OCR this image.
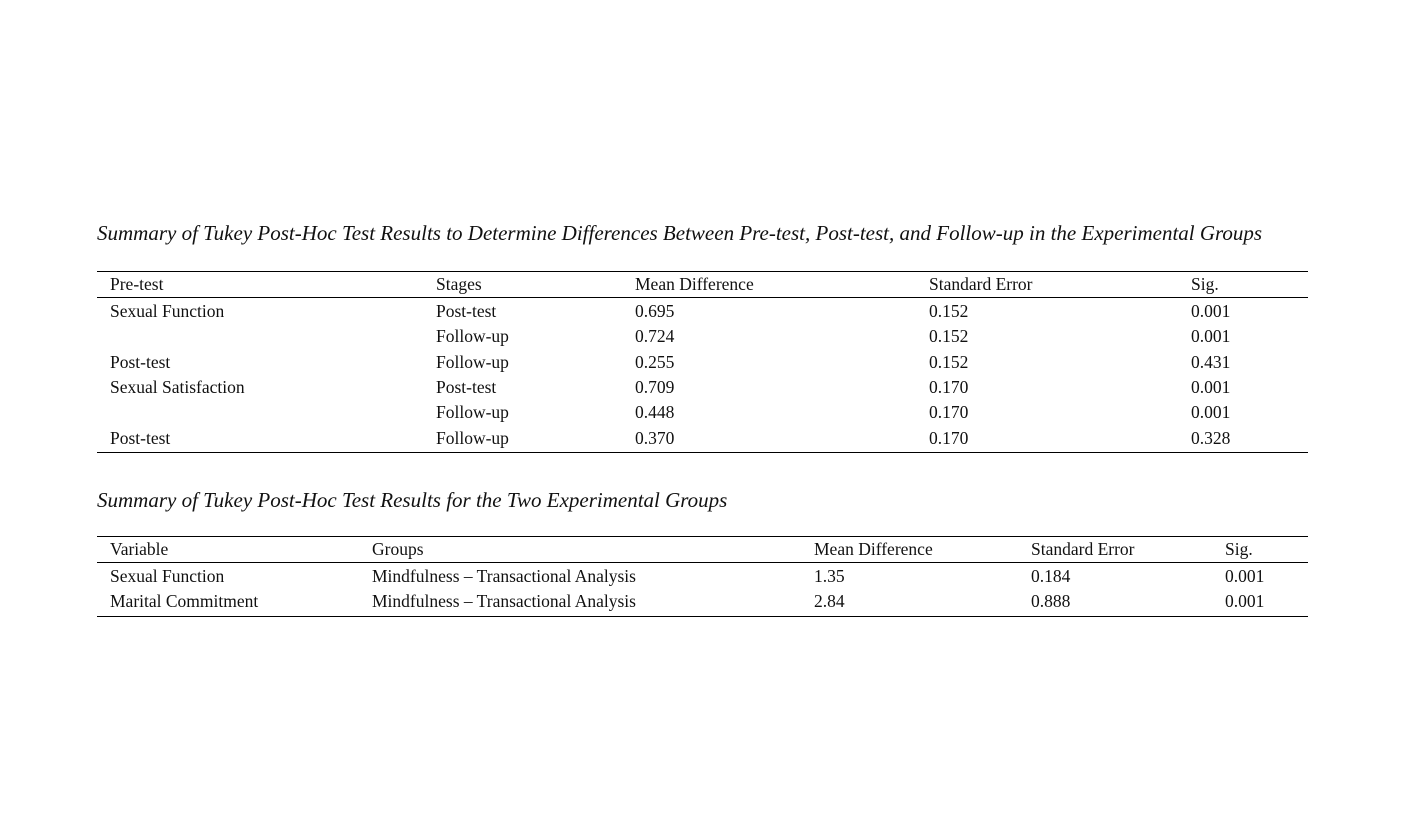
Summary of Tukey Post-Hoc Test Results to Determine Differences Between Pre-test, Post-test, and Follow-up in the Experimental Groups
Pre-test	Stages	Mean Difference	Standard Error	Sig.
Sexual Function	Post-test	0.695	0.152	0.001
	Follow-up	0.724	0.152	0.001
Post-test	Follow-up	0.255	0.152	0.431
Sexual Satisfaction	Post-test	0.709	0.170	0.001
	Follow-up	0.448	0.170	0.001
Post-test	Follow-up	0.370	0.170	0.328
Summary of Tukey Post-Hoc Test Results for the Two Experimental Groups
Variable	Groups	Mean Difference	Standard Error	Sig.
Sexual Function	Mindfulness – Transactional Analysis	1.35	0.184	0.001
Marital Commitment	Mindfulness – Transactional Analysis	2.84	0.888	0.001
